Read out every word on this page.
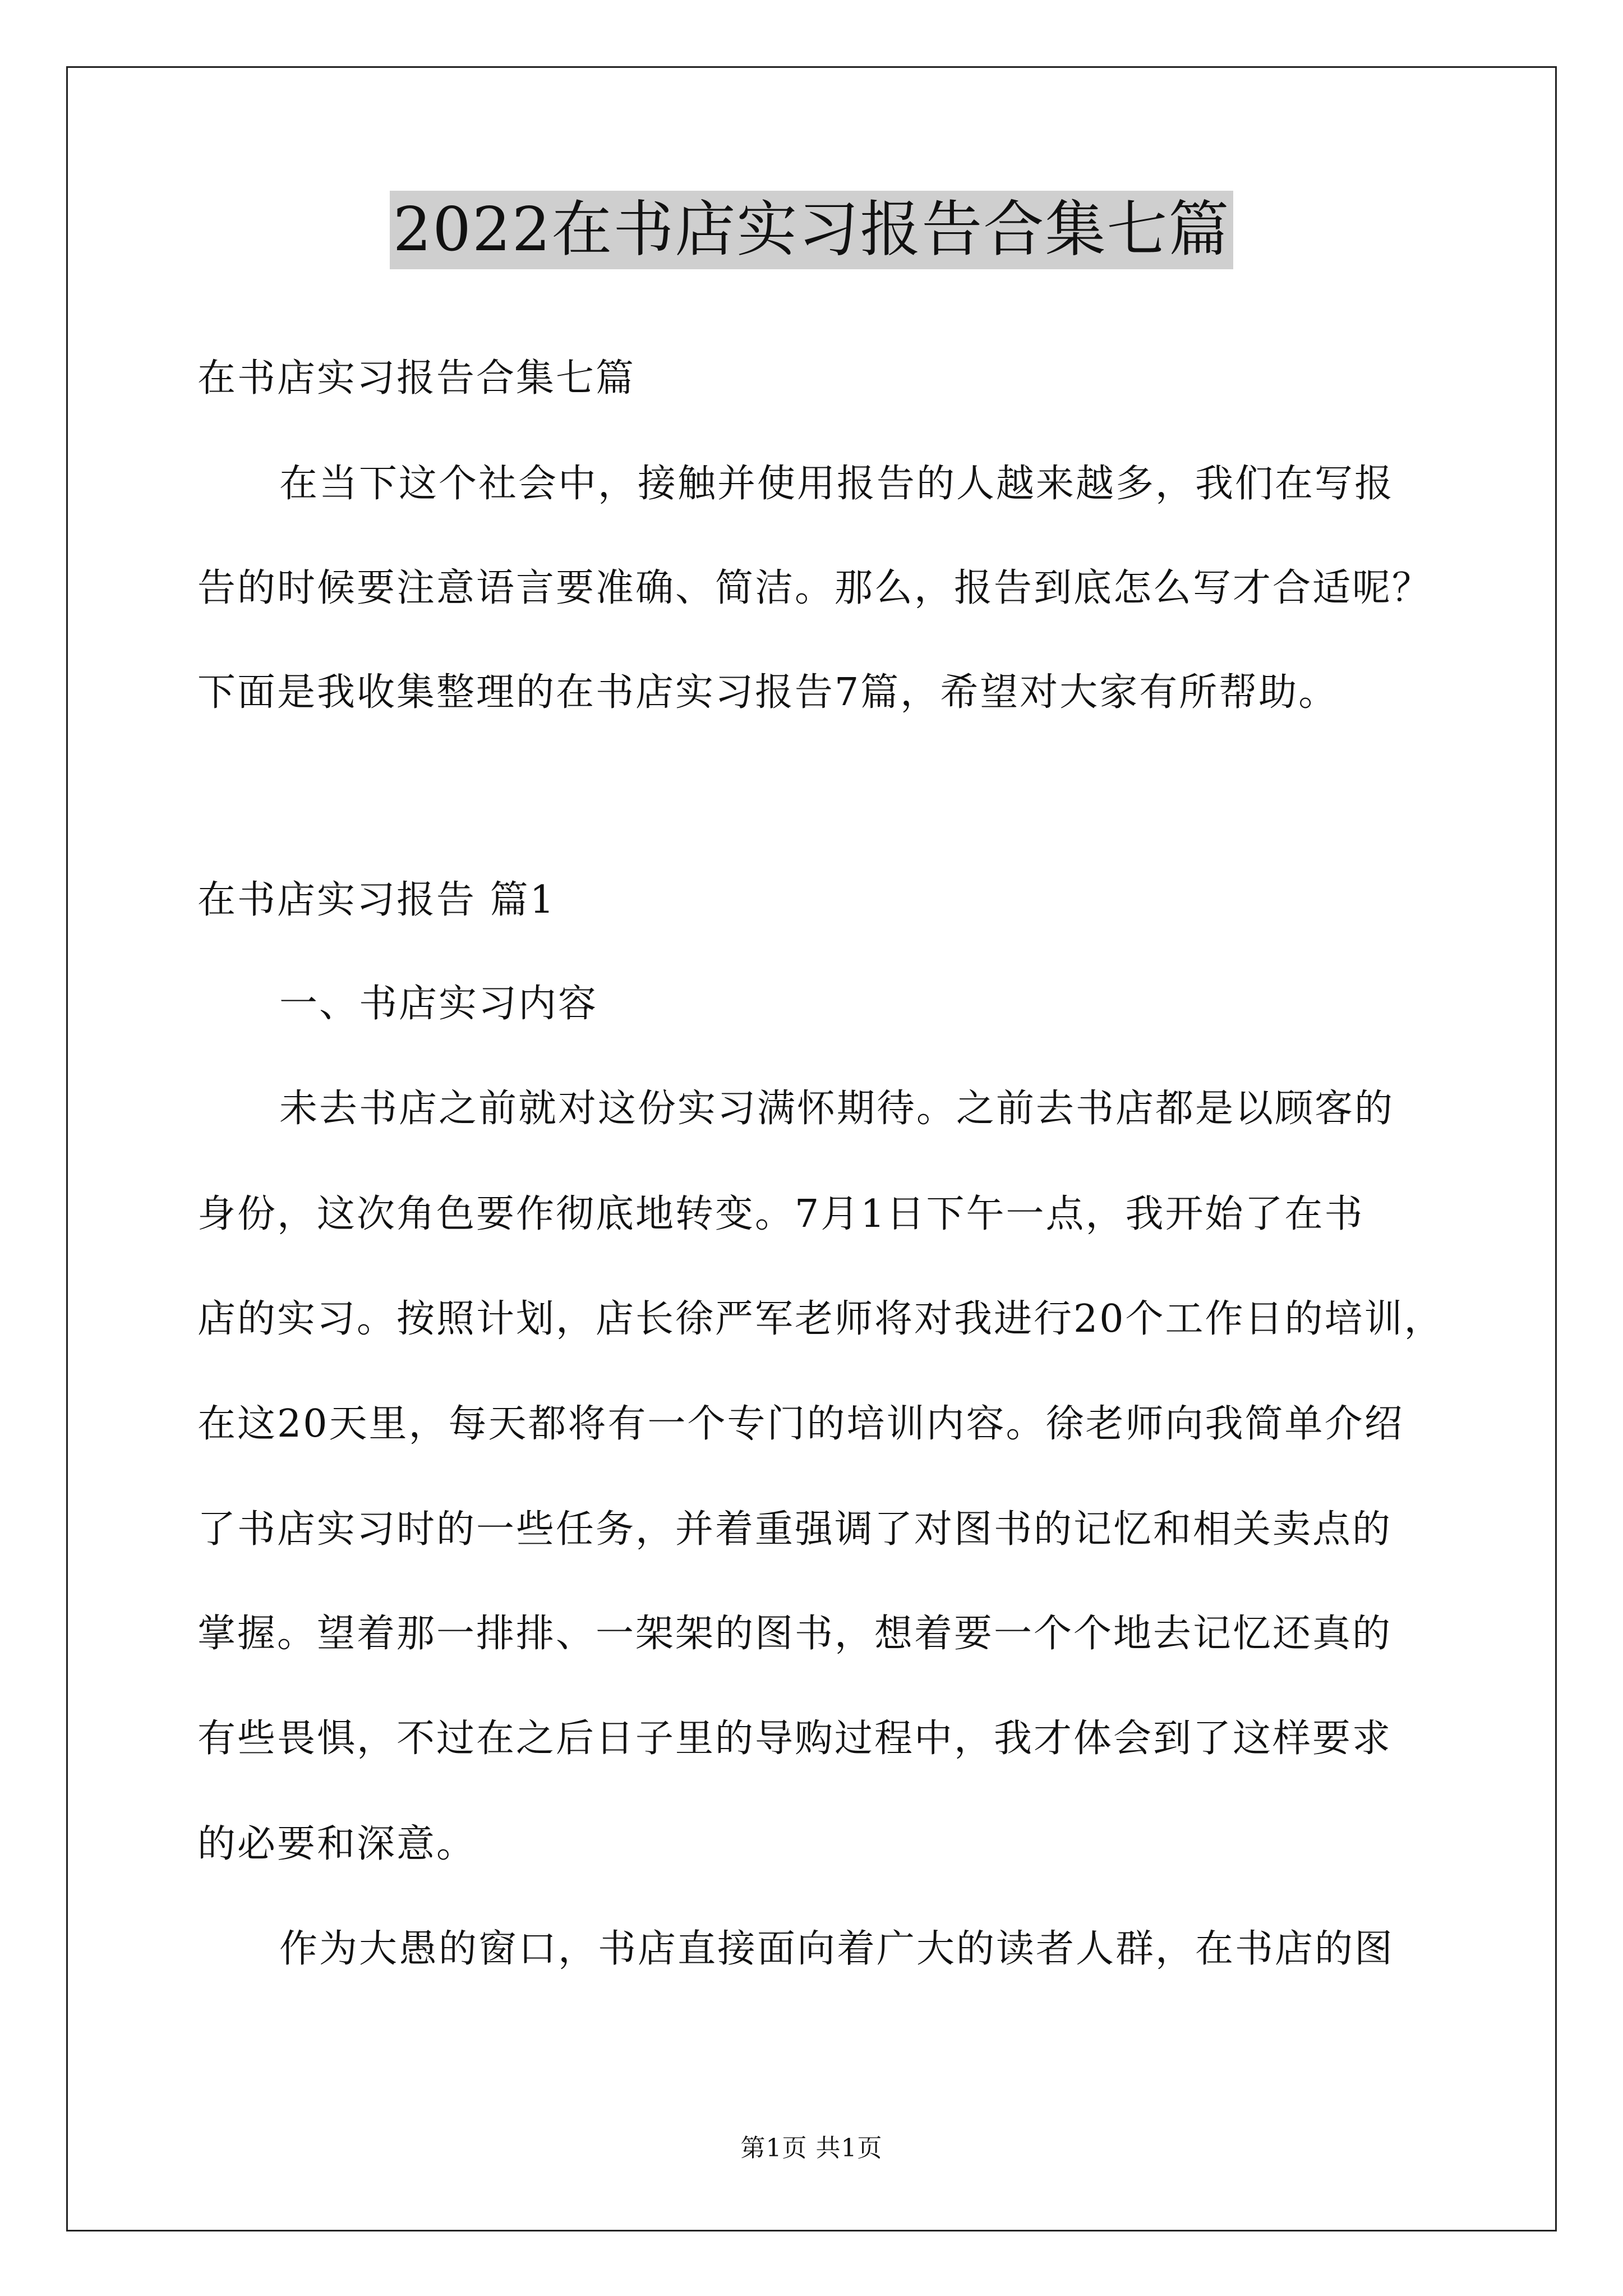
2022在书店实习报告合集七篇
在书店实习报告合集七篇
在当下这个社会中，接触并使用报告的人越来越多，我们在写报
告的时候要注意语言要准确、简洁。那么，报告到底怎么写才合适呢？
下面是我收集整理的在书店实习报告7篇，希望对大家有所帮助。
在书店实习报告 篇1
一、书店实习内容
未去书店之前就对这份实习满怀期待。之前去书店都是以顾客的
身份，这次角色要作彻底地转变。7月1日下午一点，我开始了在书
店的实习。按照计划，店长徐严军老师将对我进行20个工作日的培训，
在这20天里，每天都将有一个专门的培训内容。徐老师向我简单介绍
了书店实习时的一些任务，并着重强调了对图书的记忆和相关卖点的
掌握。望着那一排排、一架架的图书，想着要一个个地去记忆还真的
有些畏惧，不过在之后日子里的导购过程中，我才体会到了这样要求
的必要和深意。
作为大愚的窗口，书店直接面向着广大的读者人群，在书店的图
第1页 共1页
